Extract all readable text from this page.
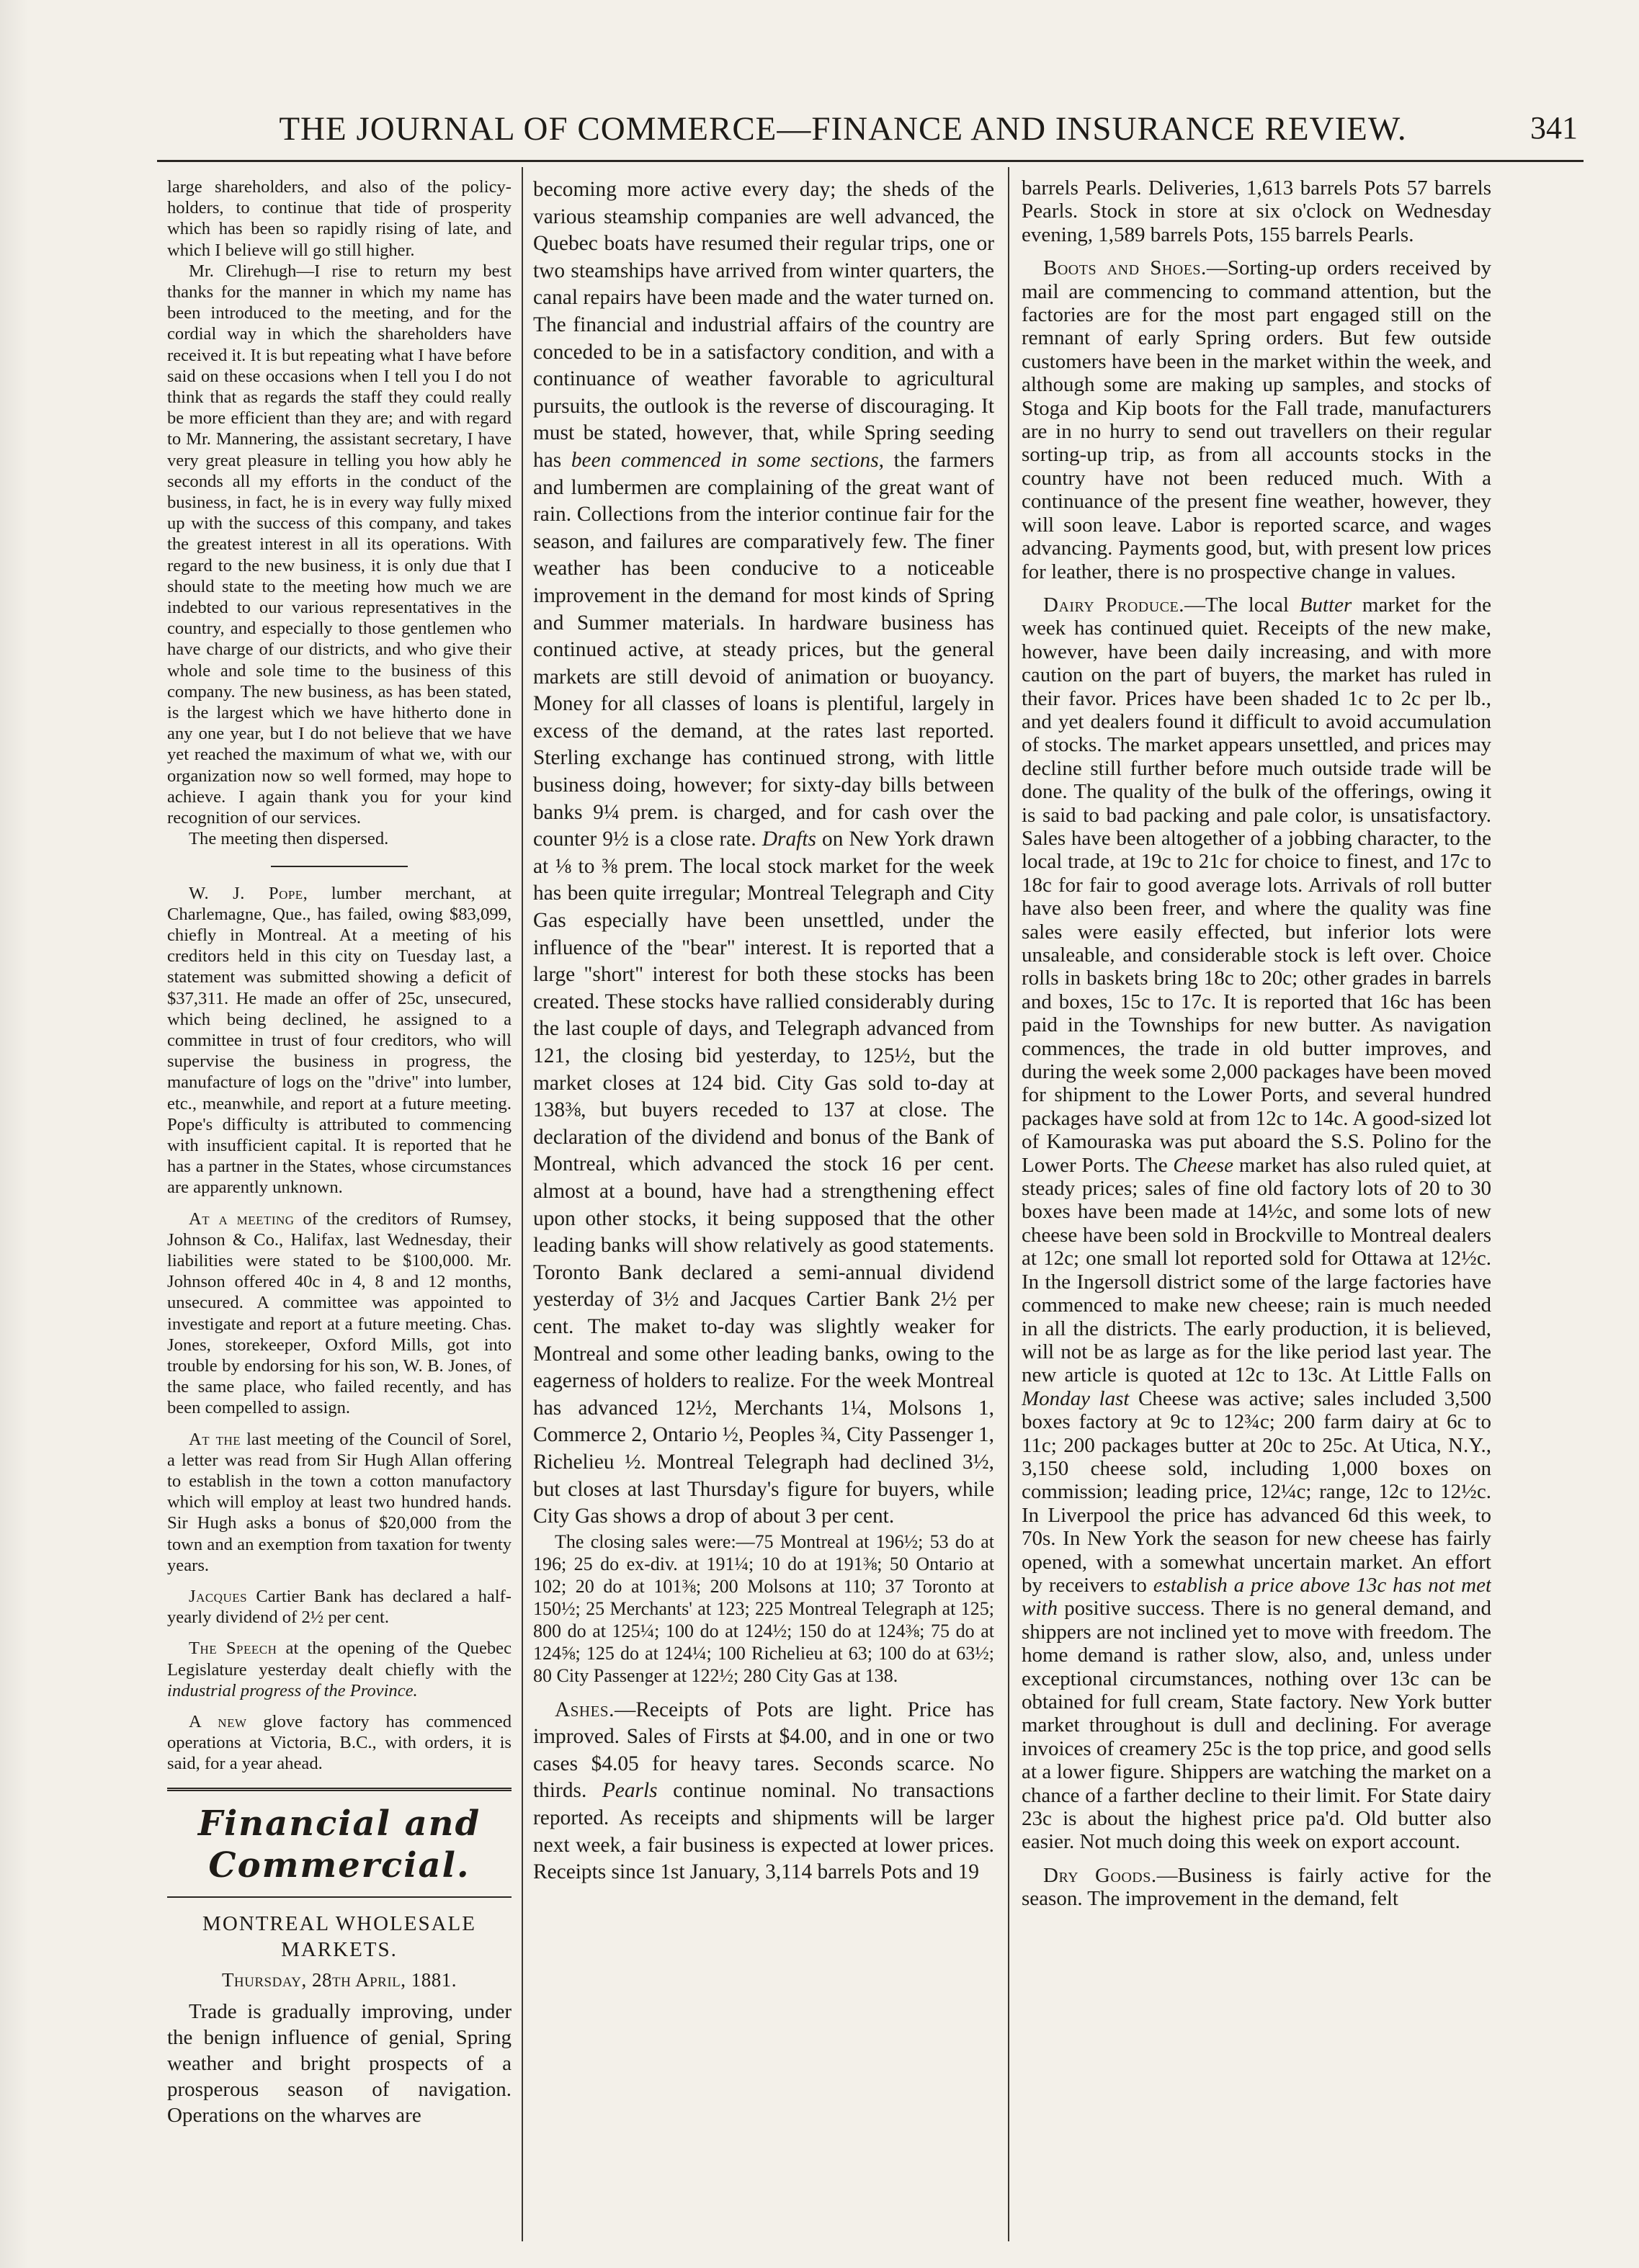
THE JOURNAL OF COMMERCE—FINANCE AND INSURANCE REVIEW.	341

large shareholders, and also of the policy-holders, to continue that tide of prosperity which has been so rapidly rising of late, and which I believe will go still higher.

Mr. Clirehugh—I rise to return my best thanks for the manner in which my name has been introduced to the meeting, and for the cordial way in which the shareholders have received it. It is but repeating what I have before said on these occasions when I tell you I do not think that as regards the staff they could really be more efficient than they are; and with regard to Mr. Mannering, the assistant secretary, I have very great pleasure in telling you how ably he seconds all my efforts in the conduct of the business, in fact, he is in every way fully mixed up with the success of this company, and takes the greatest interest in all its operations. With regard to the new business, it is only due that I should state to the meeting how much we are indebted to our various representatives in the country, and especially to those gentlemen who have charge of our districts, and who give their whole and sole time to the business of this company. The new business, as has been stated, is the largest which we have hitherto done in any one year, but I do not believe that we have yet reached the maximum of what we, with our organization now so well formed, may hope to achieve. I again thank you for your kind recognition of our services.

The meeting then dispersed.

W. J. Pope, lumber merchant, at Charlemagne, Que., has failed, owing $83,099, chiefly in Montreal. At a meeting of his creditors held in this city on Tuesday last, a statement was submitted showing a deficit of $37,311. He made an offer of 25c, unsecured, which being declined, he assigned to a committee in trust of four creditors, who will supervise the business in progress, the manufacture of logs on the "drive" into lumber, etc., meanwhile, and report at a future meeting. Pope's difficulty is attributed to commencing with insufficient capital. It is reported that he has a partner in the States, whose circumstances are apparently unknown.

At a meeting of the creditors of Rumsey, Johnson & Co., Halifax, last Wednesday, their liabilities were stated to be $100,000. Mr. Johnson offered 40c in 4, 8 and 12 months, unsecured. A committee was appointed to investigate and report at a future meeting. Chas. Jones, storekeeper, Oxford Mills, got into trouble by endorsing for his son, W. B. Jones, of the same place, who failed recently, and has been compelled to assign.

At the last meeting of the Council of Sorel, a letter was read from Sir Hugh Allan offering to establish in the town a cotton manufactory which will employ at least two hundred hands. Sir Hugh asks a bonus of $20,000 from the town and an exemption from taxation for twenty years.

Jacques Cartier Bank has declared a half-yearly dividend of 2½ per cent.

The Speech at the opening of the Quebec Legislature yesterday dealt chiefly with the industrial progress of the Province.

A new glove factory has commenced operations at Victoria, B.C., with orders, it is said, for a year ahead.

Financial and Commercial.
MONTREAL WHOLESALE MARKETS.
Thursday, 28th April, 1881.

Trade is gradually improving, under the benign influence of genial, Spring weather and bright prospects of a prosperous season of navigation. Operations on the wharves are

becoming more active every day; the sheds of the various steamship companies are well advanced, the Quebec boats have resumed their regular trips, one or two steamships have arrived from winter quarters, the canal repairs have been made and the water turned on. The financial and industrial affairs of the country are conceded to be in a satisfactory condition, and with a continuance of weather favorable to agricultural pursuits, the outlook is the reverse of discouraging. It must be stated, however, that, while Spring seeding has been commenced in some sections, the farmers and lumbermen are complaining of the great want of rain. Collections from the interior continue fair for the season, and failures are comparatively few. The finer weather has been conducive to a noticeable improvement in the demand for most kinds of Spring and Summer materials. In hardware business has continued active, at steady prices, but the general markets are still devoid of animation or buoyancy. Money for all classes of loans is plentiful, largely in excess of the demand, at the rates last reported. Sterling exchange has continued strong, with little business doing, however; for sixty-day bills between banks 9¼ prem. is charged, and for cash over the counter 9½ is a close rate. Drafts on New York drawn at ⅛ to ⅜ prem. The local stock market for the week has been quite irregular; Montreal Telegraph and City Gas especially have been unsettled, under the influence of the "bear" interest. It is reported that a large "short" interest for both these stocks has been created. These stocks have rallied considerably during the last couple of days, and Telegraph advanced from 121, the closing bid yesterday, to 125½, but the market closes at 124 bid. City Gas sold to-day at 138⅜, but buyers receded to 137 at close. The declaration of the dividend and bonus of the Bank of Montreal, which advanced the stock 16 per cent. almost at a bound, have had a strengthening effect upon other stocks, it being supposed that the other leading banks will show relatively as good statements. Toronto Bank declared a semi-annual dividend yesterday of 3½ and Jacques Cartier Bank 2½ per cent. The maket to-day was slightly weaker for Montreal and some other leading banks, owing to the eagerness of holders to realize. For the week Montreal has advanced 12½, Merchants 1¼, Molsons 1, Commerce 2, Ontario ½, Peoples ¾, City Passenger 1, Richelieu ½. Montreal Telegraph had declined 3½, but closes at last Thursday's figure for buyers, while City Gas shows a drop of about 3 per cent.

The closing sales were:—75 Montreal at 196½; 53 do at 196; 25 do ex-div. at 191¼; 10 do at 191⅜; 50 Ontario at 102; 20 do at 101⅜; 200 Molsons at 110; 37 Toronto at 150½; 25 Merchants' at 123; 225 Montreal Telegraph at 125; 800 do at 125¼; 100 do at 124½; 150 do at 124⅜; 75 do at 124⅝; 125 do at 124¼; 100 Richelieu at 63; 100 do at 63½; 80 City Passenger at 122½; 280 City Gas at 138.

Ashes.—Receipts of Pots are light. Price has improved. Sales of Firsts at $4.00, and in one or two cases $4.05 for heavy tares. Seconds scarce. No thirds. Pearls continue nominal. No transactions reported. As receipts and shipments will be larger next week, a fair business is expected at lower prices. Receipts since 1st January, 3,114 barrels Pots and 19

barrels Pearls. Deliveries, 1,613 barrels Pots 57 barrels Pearls. Stock in store at six o'clock on Wednesday evening, 1,589 barrels Pots, 155 barrels Pearls.

Boots and Shoes.—Sorting-up orders received by mail are commencing to command attention, but the factories are for the most part engaged still on the remnant of early Spring orders. But few outside customers have been in the market within the week, and although some are making up samples, and stocks of Stoga and Kip boots for the Fall trade, manufacturers are in no hurry to send out travellers on their regular sorting-up trip, as from all accounts stocks in the country have not been reduced much. With a continuance of the present fine weather, however, they will soon leave. Labor is reported scarce, and wages advancing. Payments good, but, with present low prices for leather, there is no prospective change in values.

Dairy Produce.—The local Butter market for the week has continued quiet. Receipts of the new make, however, have been daily increasing, and with more caution on the part of buyers, the market has ruled in their favor. Prices have been shaded 1c to 2c per lb., and yet dealers found it difficult to avoid accumulation of stocks. The market appears unsettled, and prices may decline still further before much outside trade will be done. The quality of the bulk of the offerings, owing it is said to bad packing and pale color, is unsatisfactory. Sales have been altogether of a jobbing character, to the local trade, at 19c to 21c for choice to finest, and 17c to 18c for fair to good average lots. Arrivals of roll butter have also been freer, and where the quality was fine sales were easily effected, but inferior lots were unsaleable, and considerable stock is left over. Choice rolls in baskets bring 18c to 20c; other grades in barrels and boxes, 15c to 17c. It is reported that 16c has been paid in the Townships for new butter. As navigation commences, the trade in old butter improves, and during the week some 2,000 packages have been moved for shipment to the Lower Ports, and several hundred packages have sold at from 12c to 14c. A good-sized lot of Kamouraska was put aboard the S.S. Polino for the Lower Ports. The Cheese market has also ruled quiet, at steady prices; sales of fine old factory lots of 20 to 30 boxes have been made at 14½c, and some lots of new cheese have been sold in Brockville to Montreal dealers at 12c; one small lot reported sold for Ottawa at 12½c. In the Ingersoll district some of the large factories have commenced to make new cheese; rain is much needed in all the districts. The early production, it is believed, will not be as large as for the like period last year. The new article is quoted at 12c to 13c. At Little Falls on Monday last Cheese was active; sales included 3,500 boxes factory at 9c to 12¾c; 200 farm dairy at 6c to 11c; 200 packages butter at 20c to 25c. At Utica, N.Y., 3,150 cheese sold, including 1,000 boxes on commission; leading price, 12¼c; range, 12c to 12½c. In Liverpool the price has advanced 6d this week, to 70s. In New York the season for new cheese has fairly opened, with a somewhat uncertain market. An effort by receivers to establish a price above 13c has not met with positive success. There is no general demand, and shippers are not inclined yet to move with freedom. The home demand is rather slow, also, and, unless under exceptional circumstances, nothing over 13c can be obtained for full cream, State factory. New York butter market throughout is dull and declining. For average invoices of creamery 25c is the top price, and good sells at a lower figure. Shippers are watching the market on a chance of a farther decline to their limit. For State dairy 23c is about the highest price pa'd. Old butter also easier. Not much doing this week on export account.

Dry Goods.—Business is fairly active for the season. The improvement in the demand, felt
